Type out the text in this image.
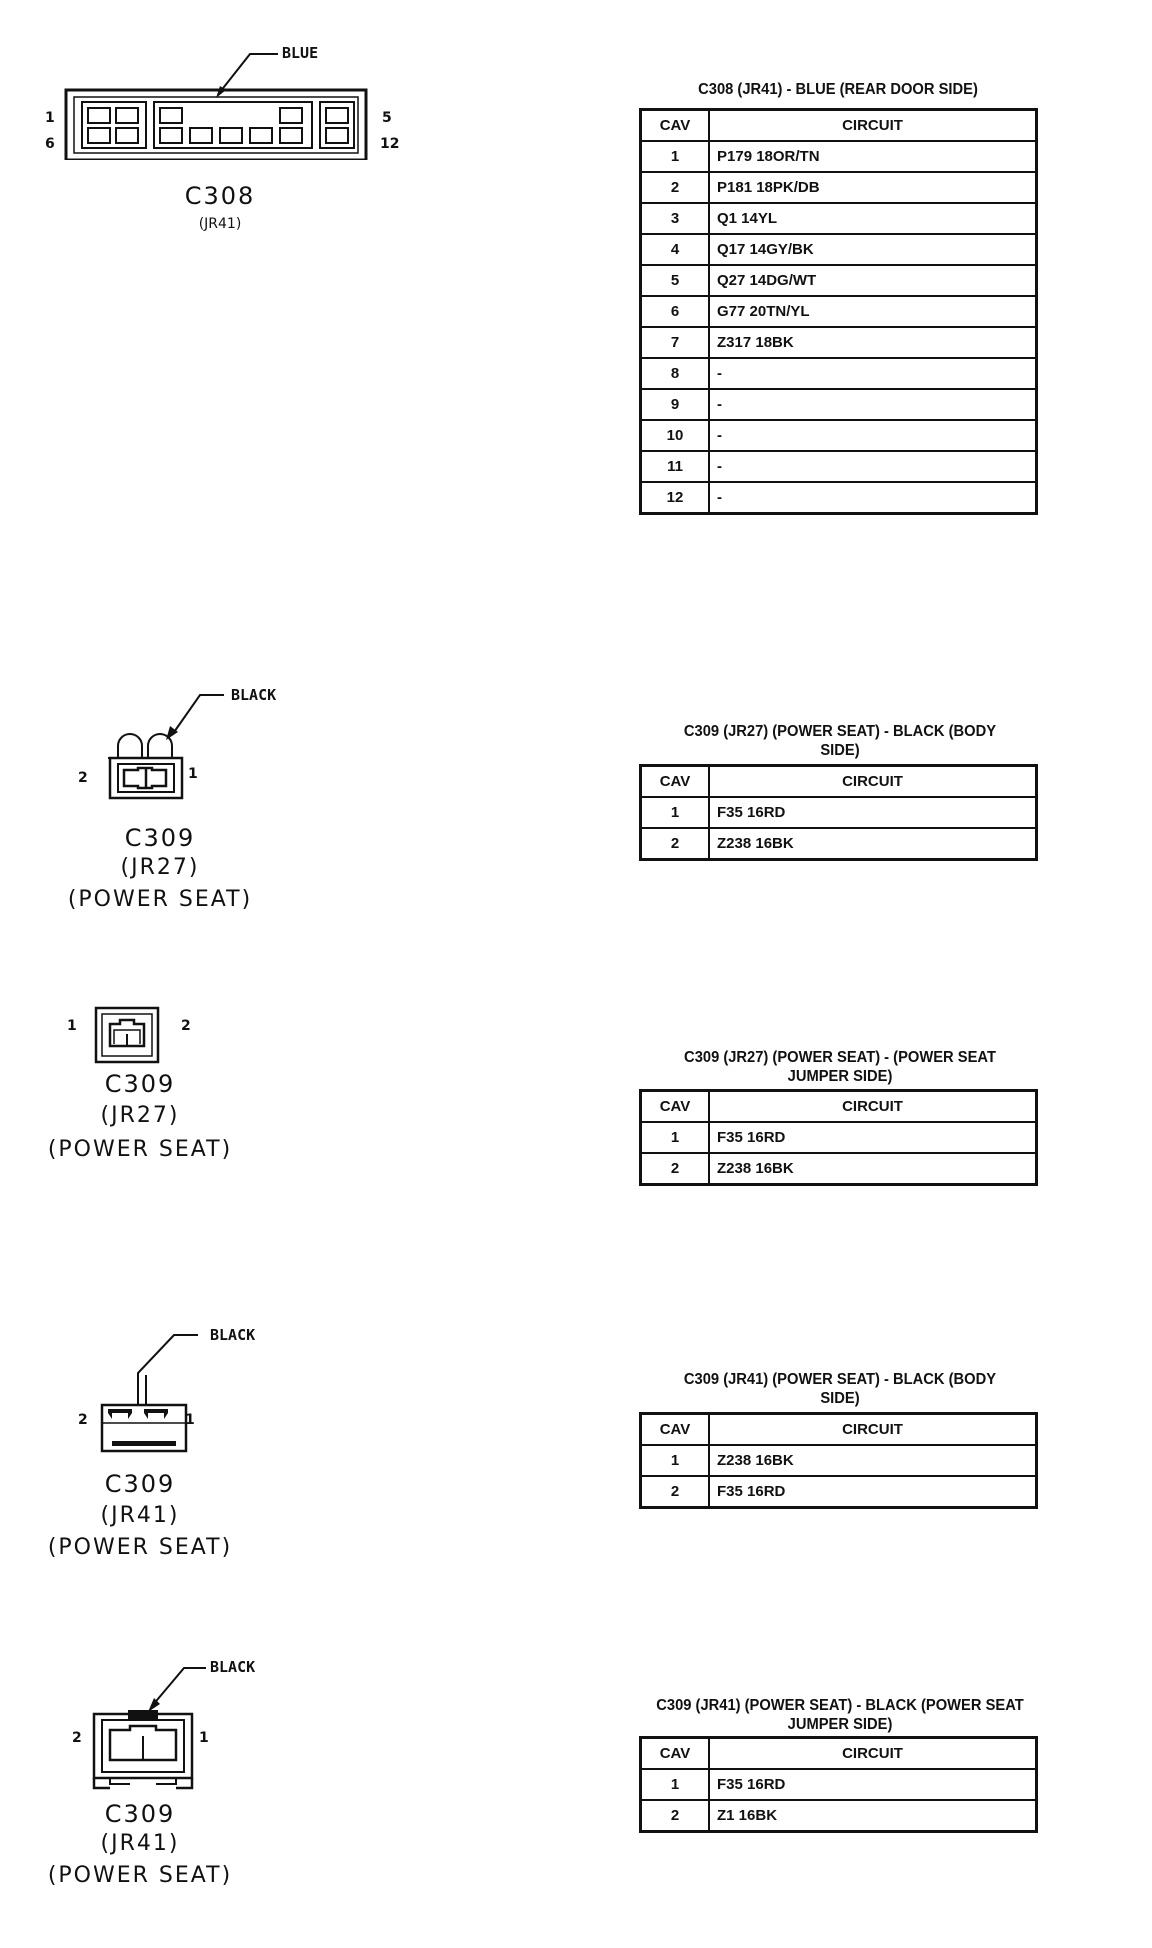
BLUE
1
6
5
12
C308
(JR41)
C308 (JR41) - BLUE (REAR DOOR SIDE)
CAV	CIRCUIT
1	P179 18OR/TN
2	P181 18PK/DB
3	Q1 14YL
4	Q17 14GY/BK
5	Q27 14DG/WT
6	G77 20TN/YL
7	Z317 18BK
8	-
9	-
10	-
11	-
12	-
BLACK
2	1
C309
(JR27)
(POWER SEAT)
C309 (JR27) (POWER SEAT) - BLACK (BODY SIDE)
CAV	CIRCUIT
1	F35 16RD
2	Z238 16BK
1	2
C309
(JR27)
(POWER SEAT)
C309 (JR27) (POWER SEAT) - (POWER SEAT JUMPER SIDE)
CAV	CIRCUIT
1	F35 16RD
2	Z238 16BK
BLACK
2	1
C309
(JR41)
(POWER SEAT)
C309 (JR41) (POWER SEAT) - BLACK (BODY SIDE)
CAV	CIRCUIT
1	Z238 16BK
2	F35 16RD
BLACK
2	1
C309
(JR41)
(POWER SEAT)
C309 (JR41) (POWER SEAT) - BLACK (POWER SEAT JUMPER SIDE)
CAV	CIRCUIT
1	F35 16RD
2	Z1 16BK
